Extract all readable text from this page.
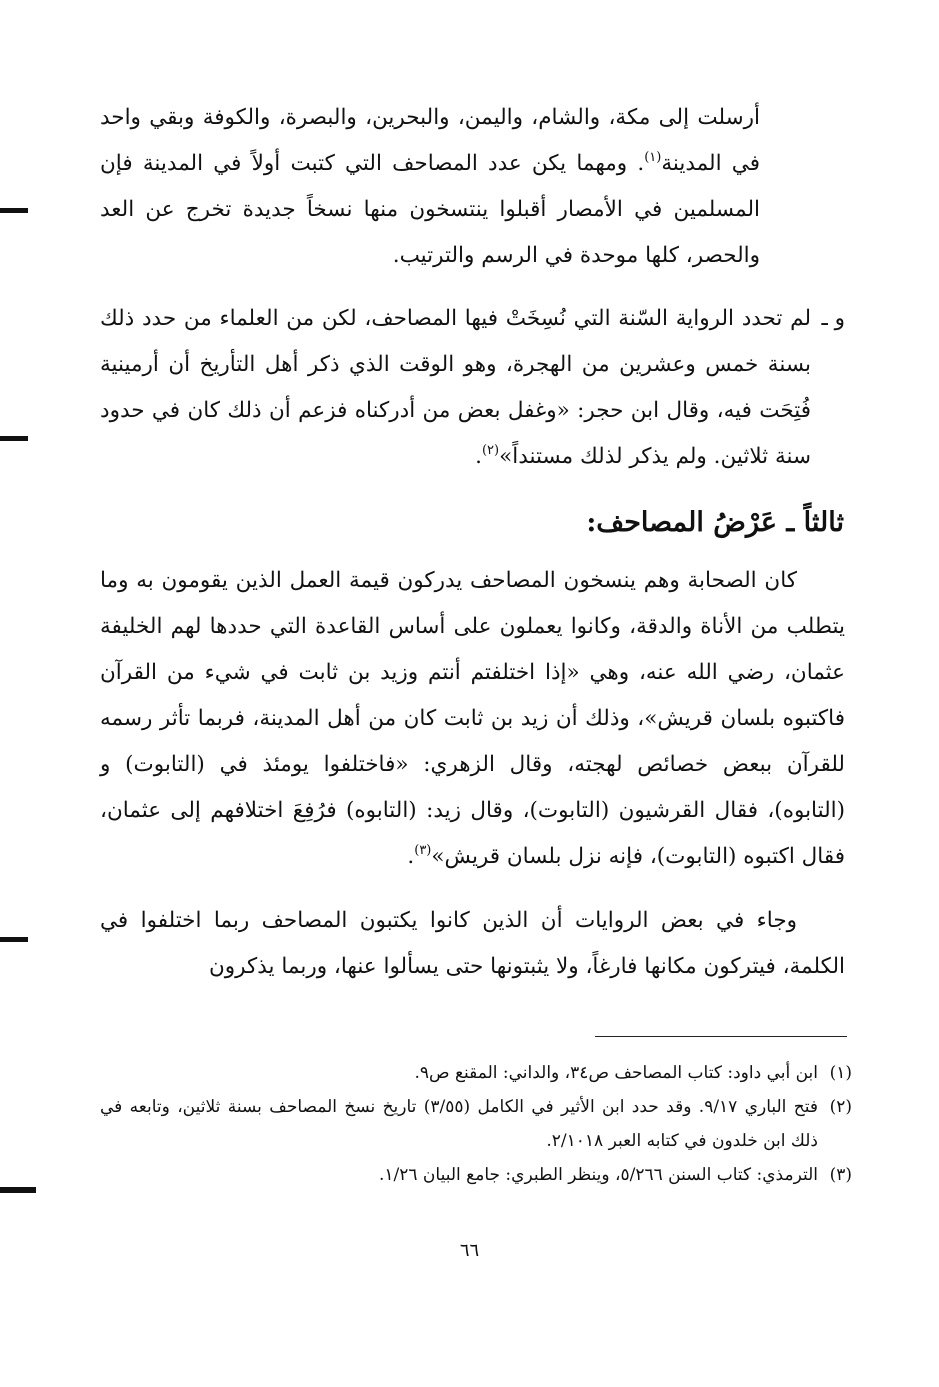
أرسلت إلى مكة، والشام، واليمن، والبحرين، والبصرة، والكوفة وبقي واحد في المدينة$^{(١)}$. ومهما يكن عدد المصاحف التي كتبت أولاً في المدينة فإن المسلمين في الأمصار أقبلوا ينتسخون منها نسخاً جديدة تخرج عن العد والحصر، كلها موحدة في الرسم والترتيب.
و ـ
لم تحدد الرواية السّنة التي نُسِخَتْ فيها المصاحف، لكن من العلماء من حدد ذلك بسنة خمس وعشرين من الهجرة، وهو الوقت الذي ذكر أهل التأريخ أن أرمينية فُتِحَت فيه، وقال ابن حجر: «وغفل بعض من أدركناه فزعم أن ذلك كان في حدود سنة ثلاثين. ولم يذكر لذلك مستنداً»$^{(٢)}$.
ثالثاً ـ عَرْضُ المصاحف:
كان الصحابة وهم ينسخون المصاحف يدركون قيمة العمل الذين يقومون به وما يتطلب من الأناة والدقة، وكانوا يعملون على أساس القاعدة التي حددها لهم الخليفة عثمان، رضي الله عنه، وهي «إذا اختلفتم أنتم وزيد بن ثابت في شيء من القرآن فاكتبوه بلسان قريش»، وذلك أن زيد بن ثابت كان من أهل المدينة، فربما تأثر رسمه للقرآن ببعض خصائص لهجته، وقال الزهري: «فاختلفوا يومئذ في (التابوت) و (التابوه)، فقال القرشيون (التابوت)، وقال زيد: (التابوه) فرُفِعَ اختلافهم إلى عثمان، فقال اكتبوه (التابوت)، فإنه نزل بلسان قريش»$^{(٣)}$.
وجاء في بعض الروايات أن الذين كانوا يكتبون المصاحف ربما اختلفوا في الكلمة، فيتركون مكانها فارغاً، ولا يثبتونها حتى يسألوا عنها، وربما يذكرون
(١)
ابن أبي داود: كتاب المصاحف ص٣٤، والداني: المقنع ص٩.
(٢)
فتح الباري ٩/١٧. وقد حدد ابن الأثير في الكامل (٣/٥٥) تاريخ نسخ المصاحف بسنة ثلاثين، وتابعه في ذلك ابن خلدون في كتابه العبر ٢/١٠١٨.
(٣)
الترمذي: كتاب السنن ٥/٢٦٦، وينظر الطبري: جامع البيان ١/٢٦.
٦٦
